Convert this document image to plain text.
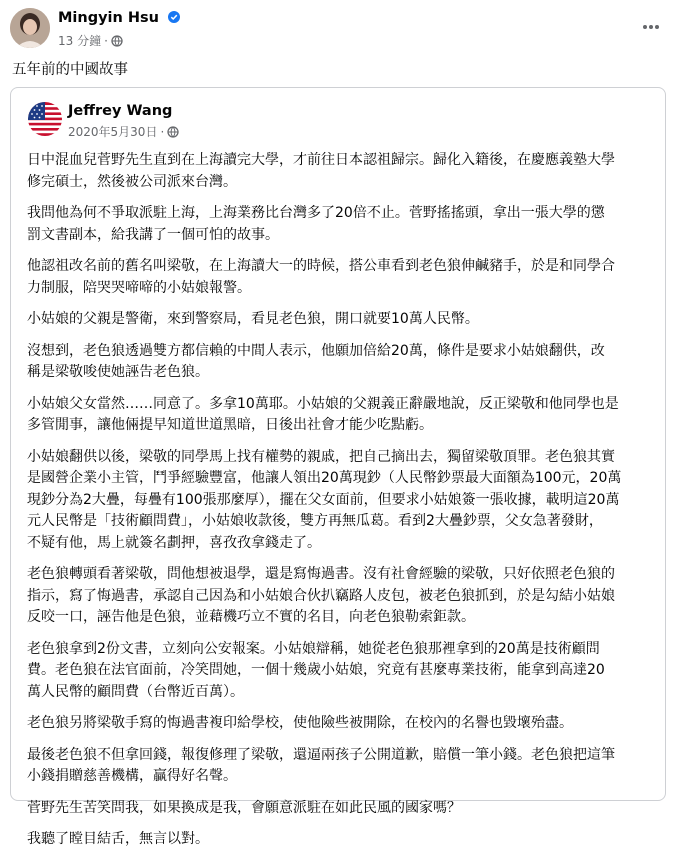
Mingyin Hsu
13 分鐘 ·
五年前的中國故事
Jeffrey Wang
2020年5月30日 ·

日中混血兒菅野先生直到在上海讀完大學，才前往日本認祖歸宗。歸化入籍後，在慶應義塾大學
修完碩士，然後被公司派來台灣。

我問他為何不爭取派駐上海，上海業務比台灣多了20倍不止。菅野搖搖頭，拿出一張大學的懲
罰文書副本，給我講了一個可怕的故事。

他認祖改名前的舊名叫梁敬，在上海讀大一的時候，搭公車看到老色狼伸鹹豬手，於是和同學合
力制服，陪哭哭啼啼的小姑娘報警。

小姑娘的父親是警衛，來到警察局，看見老色狼，開口就要10萬人民幣。

沒想到，老色狼透過雙方都信賴的中間人表示，他願加倍給20萬，條件是要求小姑娘翻供，改
稱是梁敬唆使她誣告老色狼。

小姑娘父女當然……同意了。多拿10萬耶。小姑娘的父親義正辭嚴地說，反正梁敬和他同學也是
多管閒事，讓他倆提早知道世道黑暗，日後出社會才能少吃點虧。

小姑娘翻供以後，梁敬的同學馬上找有權勢的親戚，把自己摘出去，獨留梁敬頂罪。老色狼其實
是國營企業小主管，鬥爭經驗豐富，他讓人領出20萬現鈔（人民幣鈔票最大面額為100元，20萬
現鈔分為2大疊，每疊有100張那麼厚），擺在父女面前，但要求小姑娘簽一張收據，載明這20萬
元人民幣是「技術顧問費」，小姑娘收款後，雙方再無瓜葛。看到2大疊鈔票，父女急著發財，
不疑有他，馬上就簽名劃押，喜孜孜拿錢走了。

老色狼轉頭看著梁敬，問他想被退學，還是寫悔過書。沒有社會經驗的梁敬，只好依照老色狼的
指示，寫了悔過書，承認自己因為和小姑娘合伙扒竊路人皮包，被老色狼抓到，於是勾結小姑娘
反咬一口，誣告他是色狼，並藉機巧立不實的名目，向老色狼勒索鉅款。

老色狼拿到2份文書，立刻向公安報案。小姑娘辯稱，她從老色狼那裡拿到的20萬是技術顧問
費。老色狼在法官面前，冷笑問她，一個十幾歲小姑娘，究竟有甚麼專業技術，能拿到高達20
萬人民幣的顧問費（台幣近百萬）。

老色狼另將梁敬手寫的悔過書複印給學校，使他險些被開除，在校內的名譽也毀壞殆盡。

最後老色狼不但拿回錢，報復修理了梁敬，還逼兩孩子公開道歉，賠償一筆小錢。老色狼把這筆
小錢捐贈慈善機構，贏得好名聲。

菅野先生苦笑問我，如果換成是我，會願意派駐在如此民風的國家嗎？

我聽了瞠目結舌，無言以對。
